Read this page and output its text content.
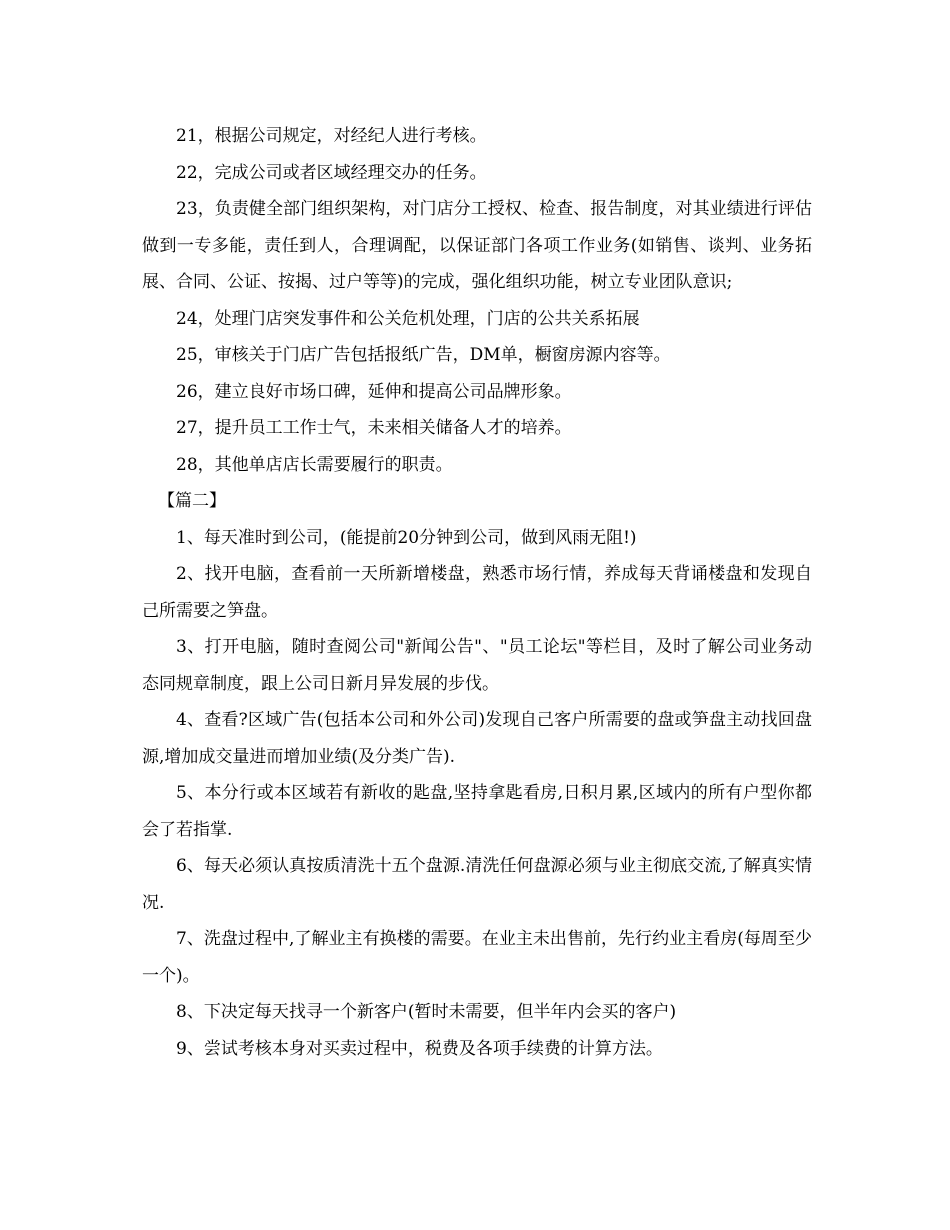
21，根据公司规定，对经纪人进行考核。

22，完成公司或者区域经理交办的任务。

23，负责健全部门组织架构，对门店分工授权、检查、报告制度，对其业绩进行评估做到一专多能，责任到人，合理调配，以保证部门各项工作业务(如销售、谈判、业务拓展、合同、公证、按揭、过户等等)的完成，强化组织功能，树立专业团队意识;

24，处理门店突发事件和公关危机处理，门店的公共关系拓展

25，审核关于门店广告包括报纸广告，DM单，橱窗房源内容等。

26，建立良好市场口碑，延伸和提高公司品牌形象。

27，提升员工工作士气，未来相关储备人才的培养。

28，其他单店店长需要履行的职责。

【篇二】

1、每天准时到公司，(能提前20分钟到公司，做到风雨无阻!)

2、找开电脑，查看前一天所新增楼盘，熟悉市场行情，养成每天背诵楼盘和发现自己所需要之笋盘。

3、打开电脑，随时查阅公司"新闻公告"、"员工论坛"等栏目，及时了解公司业务动态同规章制度，跟上公司日新月异发展的步伐。

4、查看?区域广告(包括本公司和外公司)发现自己客户所需要的盘或笋盘主动找回盘源,增加成交量进而增加业绩(及分类广告).

5、本分行或本区域若有新收的匙盘,坚持拿匙看房,日积月累,区域内的所有户型你都会了若指掌.

6、每天必须认真按质清洗十五个盘源.清洗任何盘源必须与业主彻底交流,了解真实情况.

7、洗盘过程中,了解业主有换楼的需要。在业主未出售前，先行约业主看房(每周至少一个)。

8、下决定每天找寻一个新客户(暂时未需要，但半年内会买的客户)

9、尝试考核本身对买卖过程中，税费及各项手续费的计算方法。
